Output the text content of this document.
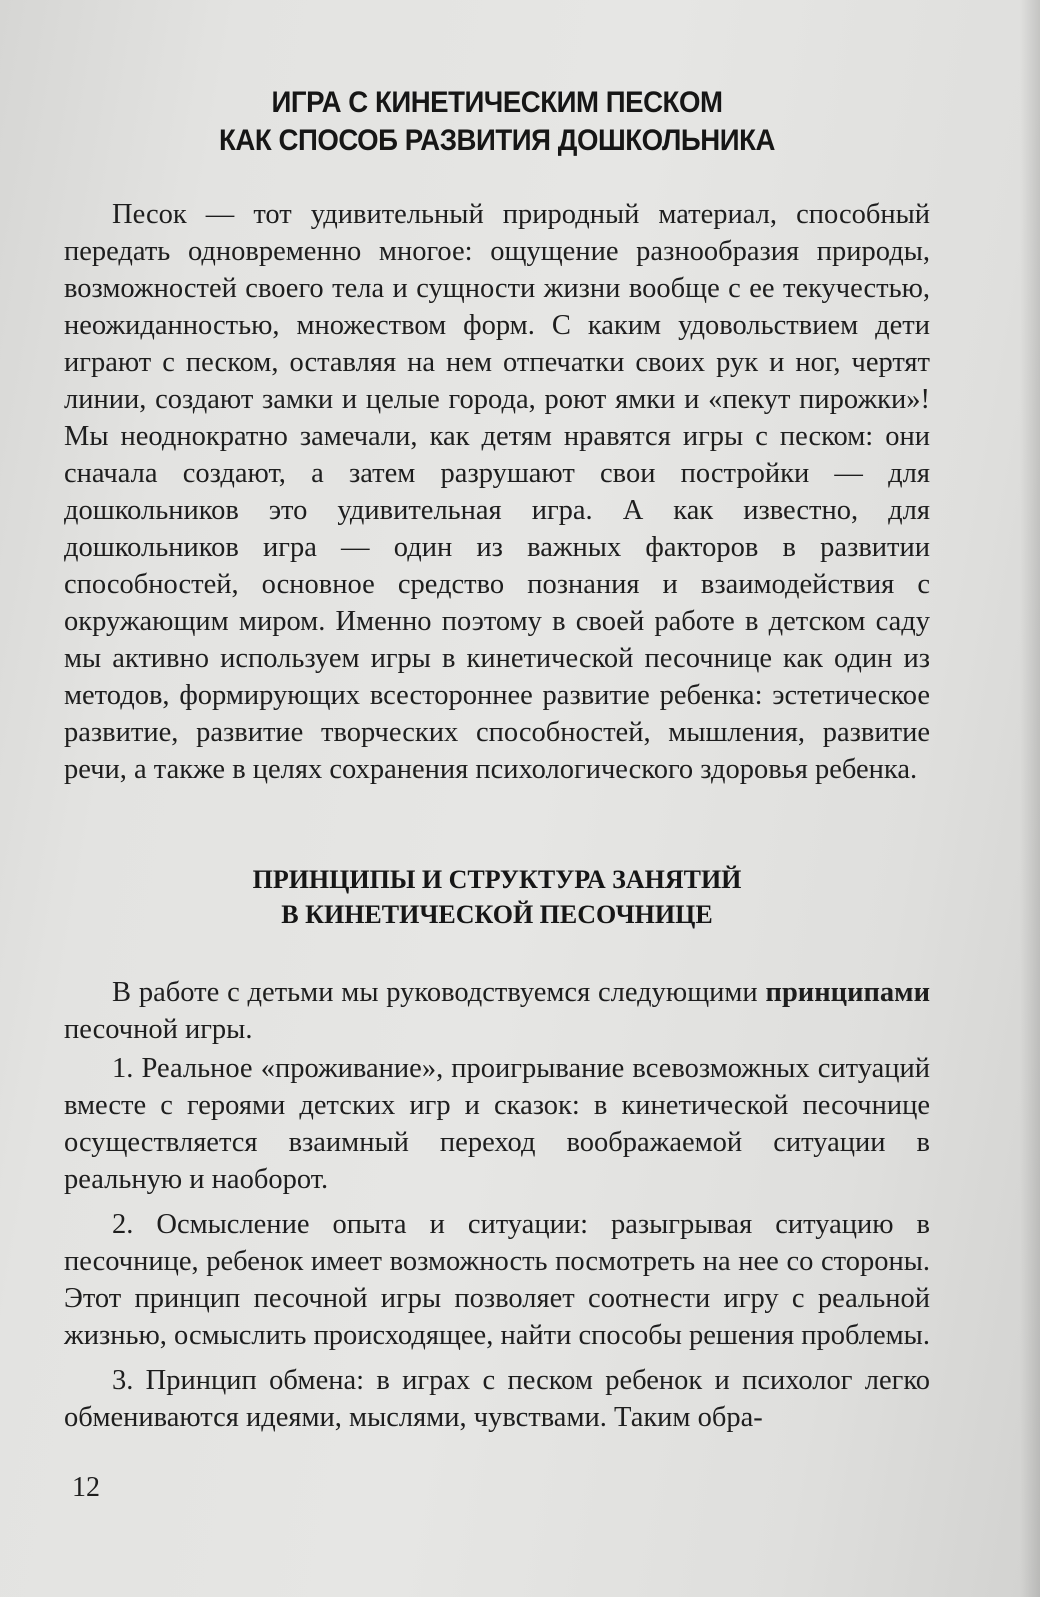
ИГРА С КИНЕТИЧЕСКИМ ПЕСКОМ
КАК СПОСОБ РАЗВИТИЯ ДОШКОЛЬНИКА

Песок — тот удивительный природный материал, способный передать одновременно многое: ощущение разнообразия природы, возможностей своего тела и сущности жизни вообще с ее текучестью, неожиданностью, множеством форм. С каким удовольствием дети играют с песком, оставляя на нем отпечатки своих рук и ног, чертят линии, создают замки и целые города, роют ямки и «пекут пирожки»! Мы неоднократно замечали, как детям нравятся игры с песком: они сначала создают, а затем разрушают свои постройки — для дошкольников это удивительная игра. А как известно, для дошкольников игра — один из важных факторов в развитии способностей, основное средство познания и взаимодействия с окружающим миром. Именно поэтому в своей работе в детском саду мы активно используем игры в кинетической песочнице как один из методов, формирующих всестороннее развитие ребенка: эстетическое развитие, развитие творческих способностей, мышления, развитие речи, а также в целях сохранения психологического здоровья ребенка.

ПРИНЦИПЫ И СТРУКТУРА ЗАНЯТИЙ
В КИНЕТИЧЕСКОЙ ПЕСОЧНИЦЕ

В работе с детьми мы руководствуемся следующими принципами песочной игры.

1. Реальное «проживание», проигрывание всевозможных ситуаций вместе с героями детских игр и сказок: в кинетической песочнице осуществляется взаимный переход воображаемой ситуации в реальную и наоборот.

2. Осмысление опыта и ситуации: разыгрывая ситуацию в песочнице, ребенок имеет возможность посмотреть на нее со стороны. Этот принцип песочной игры позволяет соотнести игру с реальной жизнью, осмыслить происходящее, найти способы решения проблемы.

3. Принцип обмена: в играх с песком ребенок и психолог легко обмениваются идеями, мыслями, чувствами. Таким обра-

12
